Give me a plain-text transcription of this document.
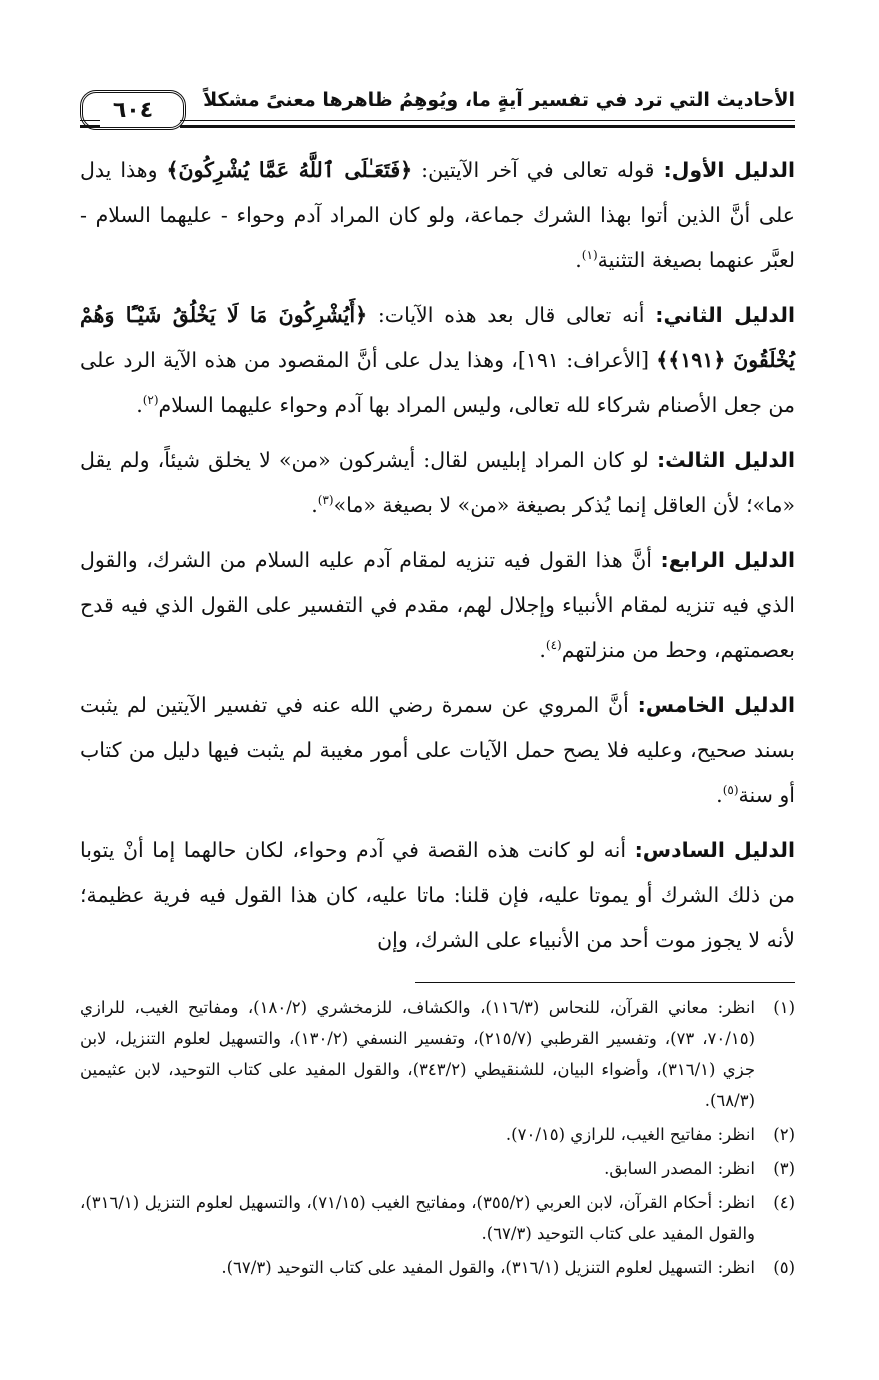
الأحاديث التي ترد في تفسير آيةٍ ما، ويُوهِمُ ظاهرها معنىً مشكلاً
٦٠٤

الدليل الأول: قوله تعالى في آخر الآيتين: ﴿فَتَعَـٰلَى ٱللَّهُ عَمَّا يُشْرِكُونَ﴾ وهذا يدل على أنَّ الذين أتوا بهذا الشرك جماعة، ولو كان المراد آدم وحواء - عليهما السلام - لعبَّر عنهما بصيغة التثنية$^{(١)}$.

الدليل الثاني: أنه تعالى قال بعد هذه الآيات: ﴿أَيُشْرِكُونَ مَا لَا يَخْلُقُ شَيْـًٔا وَهُمْ يُخْلَقُونَ ﴿١٩١﴾﴾ [الأعراف: ١٩١]، وهذا يدل على أنَّ المقصود من هذه الآية الرد على من جعل الأصنام شركاء لله تعالى، وليس المراد بها آدم وحواء عليهما السلام$^{(٢)}$.

الدليل الثالث: لو كان المراد إبليس لقال: أيشركون «من» لا يخلق شيئاً، ولم يقل «ما»؛ لأن العاقل إنما يُذكر بصيغة «من» لا بصيغة «ما»$^{(٣)}$.

الدليل الرابع: أنَّ هذا القول فيه تنزيه لمقام آدم عليه السلام من الشرك، والقول الذي فيه تنزيه لمقام الأنبياء وإجلال لهم، مقدم في التفسير على القول الذي فيه قدح بعصمتهم، وحط من منزلتهم$^{(٤)}$.

الدليل الخامس: أنَّ المروي عن سمرة رضي الله عنه في تفسير الآيتين لم يثبت بسند صحيح، وعليه فلا يصح حمل الآيات على أمور مغيبة لم يثبت فيها دليل من كتاب أو سنة$^{(٥)}$.

الدليل السادس: أنه لو كانت هذه القصة في آدم وحواء، لكان حالهما إما أنْ يتوبا من ذلك الشرك أو يموتا عليه، فإن قلنا: ماتا عليه، كان هذا القول فيه فرية عظيمة؛ لأنه لا يجوز موت أحد من الأنبياء على الشرك، وإن

(١)
انظر: معاني القرآن، للنحاس (١١٦/٣)، والكشاف، للزمخشري (١٨٠/٢)، ومفاتيح الغيب، للرازي (٧٠/١٥، ٧٣)، وتفسير القرطبي (٢١٥/٧)، وتفسير النسفي (١٣٠/٢)، والتسهيل لعلوم التنزيل، لابن جزي (٣١٦/١)، وأضواء البيان، للشنقيطي (٣٤٣/٢)، والقول المفيد على كتاب التوحيد، لابن عثيمين (٦٨/٣).
(٢)
انظر: مفاتيح الغيب، للرازي (٧٠/١٥).
(٣)
انظر: المصدر السابق.
(٤)
انظر: أحكام القرآن، لابن العربي (٣٥٥/٢)، ومفاتيح الغيب (٧١/١٥)، والتسهيل لعلوم التنزيل (٣١٦/١)، والقول المفيد على كتاب التوحيد (٦٧/٣).
(٥)
انظر: التسهيل لعلوم التنزيل (٣١٦/١)، والقول المفيد على كتاب التوحيد (٦٧/٣).
